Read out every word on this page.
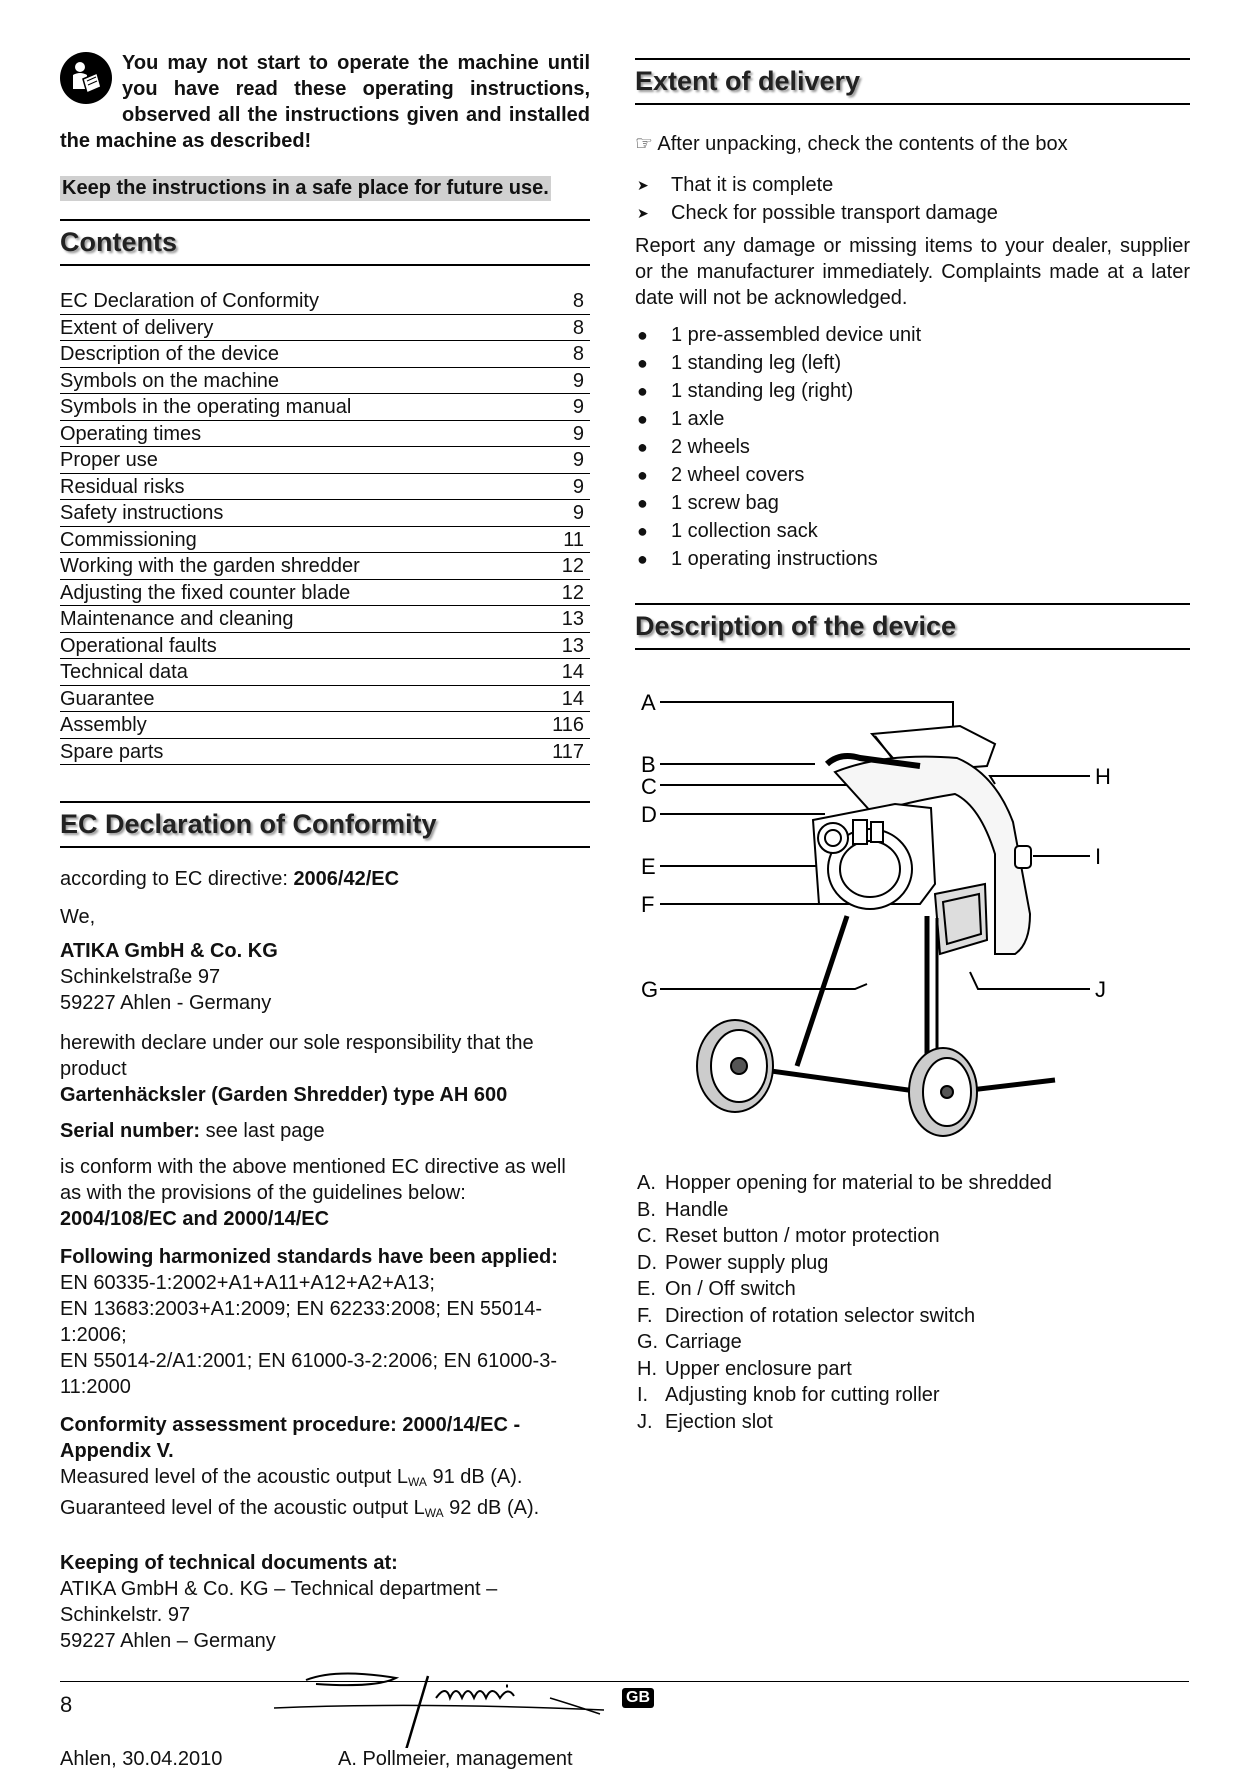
You may not start to operate the machine until you have read these operating instructions, observed all the instructions given and installed the machine as described!
Keep the instructions in a safe place for future use.
Contents
EC Declaration of Conformity	8
Extent of delivery	8
Description of the device	8
Symbols on the machine	9
Symbols in the operating manual	9
Operating times	9
Proper use	9
Residual risks	9
Safety instructions	9
Commissioning	11
Working with the garden shredder	12
Adjusting the fixed counter blade	12
Maintenance and cleaning	13
Operational faults	13
Technical data	14
Guarantee	14
Assembly	116
Spare parts	117
EC Declaration of Conformity

according to EC directive: 2006/42/EC

We,

ATIKA GmbH & Co. KG

Schinkelstraße 97

59227 Ahlen - Germany

herewith declare under our sole responsibility that the product

Gartenhäcksler (Garden Shredder) type AH 600

Serial number: see last page

is conform with the above mentioned EC directive as well as with the provisions of the guidelines below:

2004/108/EC and 2000/14/EC

Following harmonized standards have been applied:

EN 60335-1:2002+A1+A11+A12+A2+A13;

EN 13683:2003+A1:2009; EN 62233:2008; EN 55014-1:2006;

EN 55014-2/A1:2001; EN 61000-3-2:2006; EN 61000-3-11:2000

Conformity assessment procedure: 2000/14/EC - Appendix V.

Measured level of the acoustic output $L_{WA}$ 91 dB (A).

Guaranteed level of the acoustic output $L_{WA}$ 92 dB (A).

Keeping of technical documents at:

ATIKA GmbH & Co. KG – Technical department – Schinkelstr. 97

59227 Ahlen – Germany

Ahlen, 30.04.2010	A. Pollmeier, management
Extent of delivery

☞ After unpacking, check the contents of the box

➤ That it is complete
➤ Check for possible transport damage

Report any damage or missing items to your dealer, supplier or the manufacturer immediately. Complaints made at a later date will not be acknowledged.

● 1 pre-assembled device unit
● 1 standing leg (left)
● 1 standing leg (right)
● 1 axle
● 2 wheels
● 2 wheel covers
● 1 screw bag
● 1 collection sack
● 1 operating instructions
Description of the device
A
B
C
D
E
F
G
H
I
J
A. Hopper opening for material to be shredded
B. Handle
C. Reset button / motor protection
D. Power supply plug
E. On / Off switch
F. Direction of rotation selector switch
G. Carriage
H. Upper enclosure part
I. Adjusting knob for cutting roller
J. Ejection slot
8	GB
